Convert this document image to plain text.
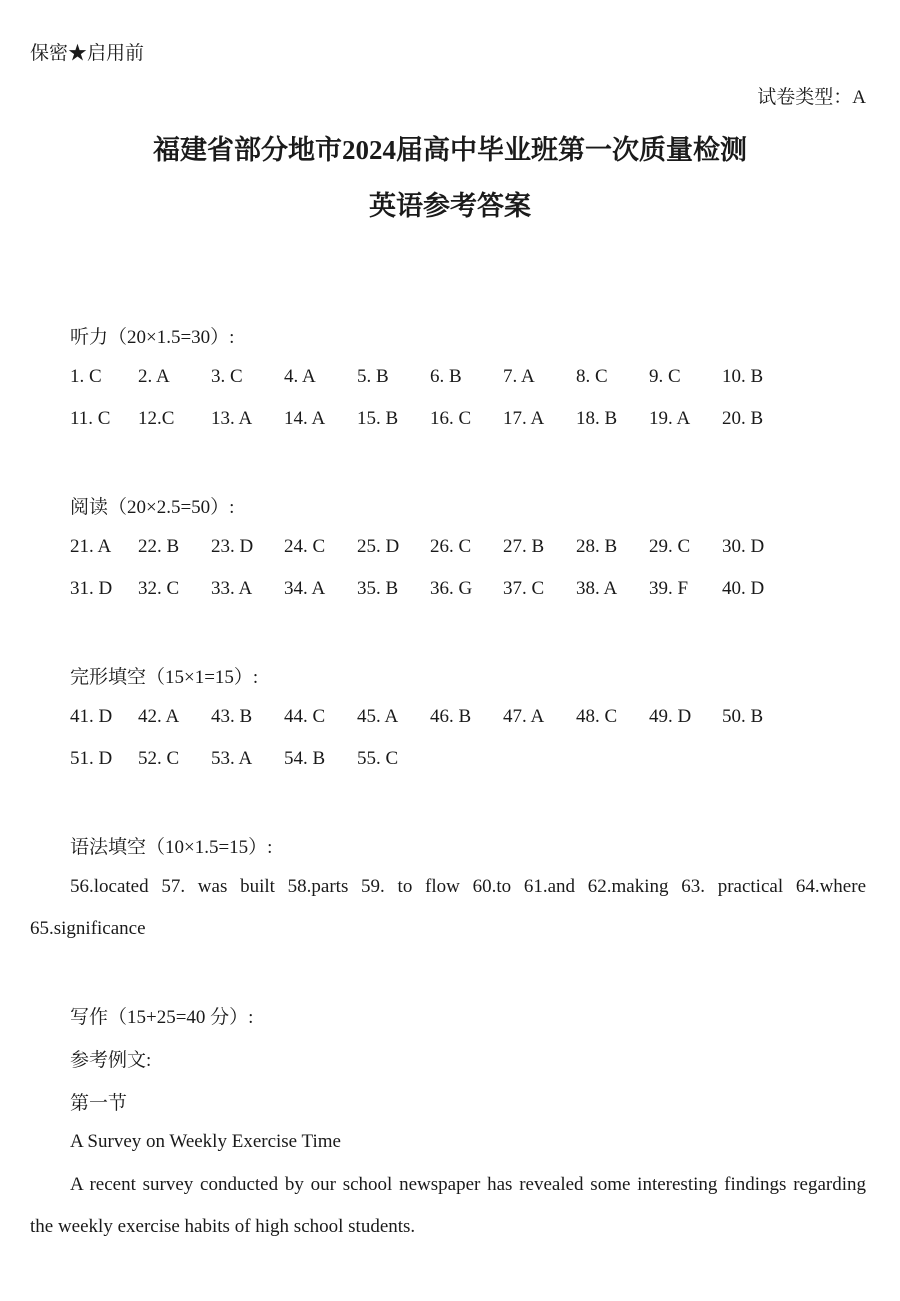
保密★启用前
试卷类型：A
福建省部分地市2024届高中毕业班第一次质量检测
英语参考答案
听力（20×1.5=30）:
1. C 2. A 3. C 4. A 5. B 6. B 7. A 8. C 9. C 10. B
11. C 12.C 13. A 14. A 15. B 16. C 17. A 18. B 19. A 20. B
阅读（20×2.5=50）:
21. A 22. B 23. D 24. C 25. D 26. C 27. B 28. B 29. C 30. D
31. D 32. C 33. A 34. A 35. B 36. G 37. C 38. A 39. F 40. D
完形填空（15×1=15）:
41. D 42. A 43. B 44. C 45. A 46. B 47. A 48. C 49. D 50. B
51. D 52. C 53. A 54. B 55. C
语法填空（10×1.5=15）:

56.located 57. was built 58.parts 59. to flow 60.to 61.and 62.making 63. practical 64.where 65.significance

写作（15+25=40 分）:
参考例文:
第一节
A Survey on Weekly Exercise Time

A recent survey conducted by our school newspaper has revealed some interesting findings regarding the weekly exercise habits of high school students.
